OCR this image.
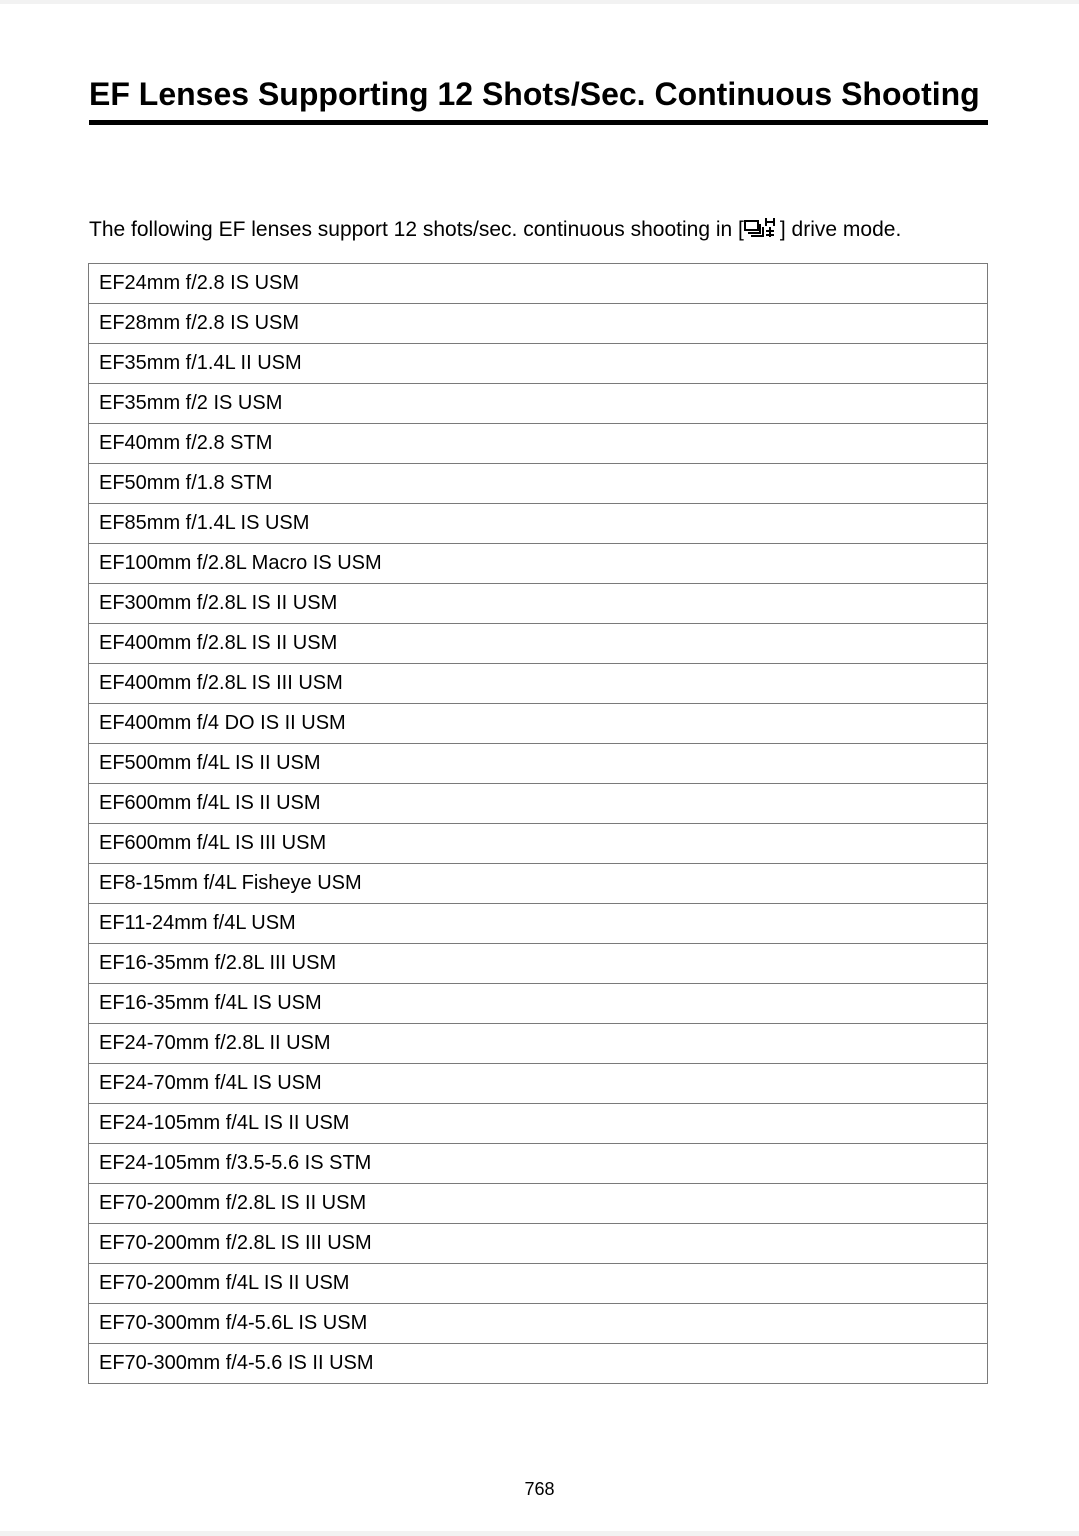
EF Lenses Supporting 12 Shots/Sec. Continuous Shooting

The following EF lenses support 12 shots/sec. continuous shooting in [ ] drive mode.

EF24mm f/2.8 IS USM
EF28mm f/2.8 IS USM
EF35mm f/1.4L II USM
EF35mm f/2 IS USM
EF40mm f/2.8 STM
EF50mm f/1.8 STM
EF85mm f/1.4L IS USM
EF100mm f/2.8L Macro IS USM
EF300mm f/2.8L IS II USM
EF400mm f/2.8L IS II USM
EF400mm f/2.8L IS III USM
EF400mm f/4 DO IS II USM
EF500mm f/4L IS II USM
EF600mm f/4L IS II USM
EF600mm f/4L IS III USM
EF8-15mm f/4L Fisheye USM
EF11-24mm f/4L USM
EF16-35mm f/2.8L III USM
EF16-35mm f/4L IS USM
EF24-70mm f/2.8L II USM
EF24-70mm f/4L IS USM
EF24-105mm f/4L IS II USM
EF24-105mm f/3.5-5.6 IS STM
EF70-200mm f/2.8L IS II USM
EF70-200mm f/2.8L IS III USM
EF70-200mm f/4L IS II USM
EF70-300mm f/4-5.6L IS USM
EF70-300mm f/4-5.6 IS II USM
768
